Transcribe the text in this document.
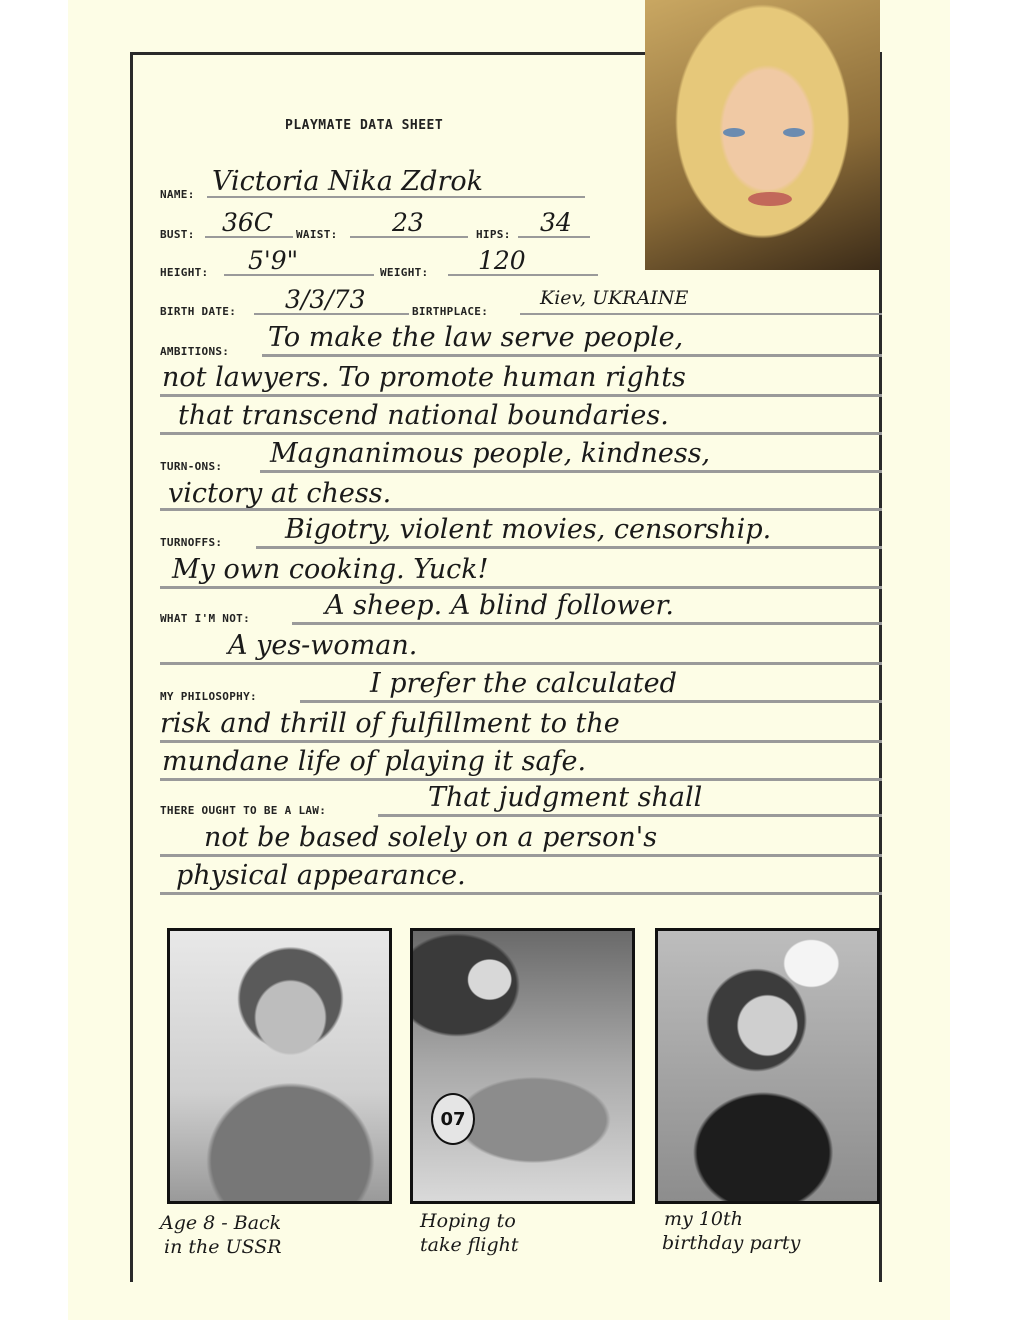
PLAYMATE DATA SHEET
NAME: Victoria Nika Zdrok
BUST: 36C WAIST: 23	HIPS: 34
HEIGHT: 5'9"	WEIGHT: 120
BIRTH DATE: 3/3/73	BIRTHPLACE:
Kiev, UKRAINE
AMBITIONS: To make the law serve people,
not lawyers. To promote human rights
that transcend national boundaries.
TURN-ONS: Magnanimous people, kindness,
victory at chess.
TURNOFFS: Bigotry, violent movies, censorship.
My own cooking. Yuck!
WHAT I'M NOT:	A sheep. A blind follower.
A yes-woman.
MY PHILOSOPHY:	I prefer the calculated
risk and thrill of fulfillment to the
mundane life of playing it safe.
THERE OUGHT TO BE A LAW:	That judgment shall
not be based solely on a person's
physical appearance.
07
Age 8 - Back
in the USSR
Hoping to
take flight
my 10th
birthday party
